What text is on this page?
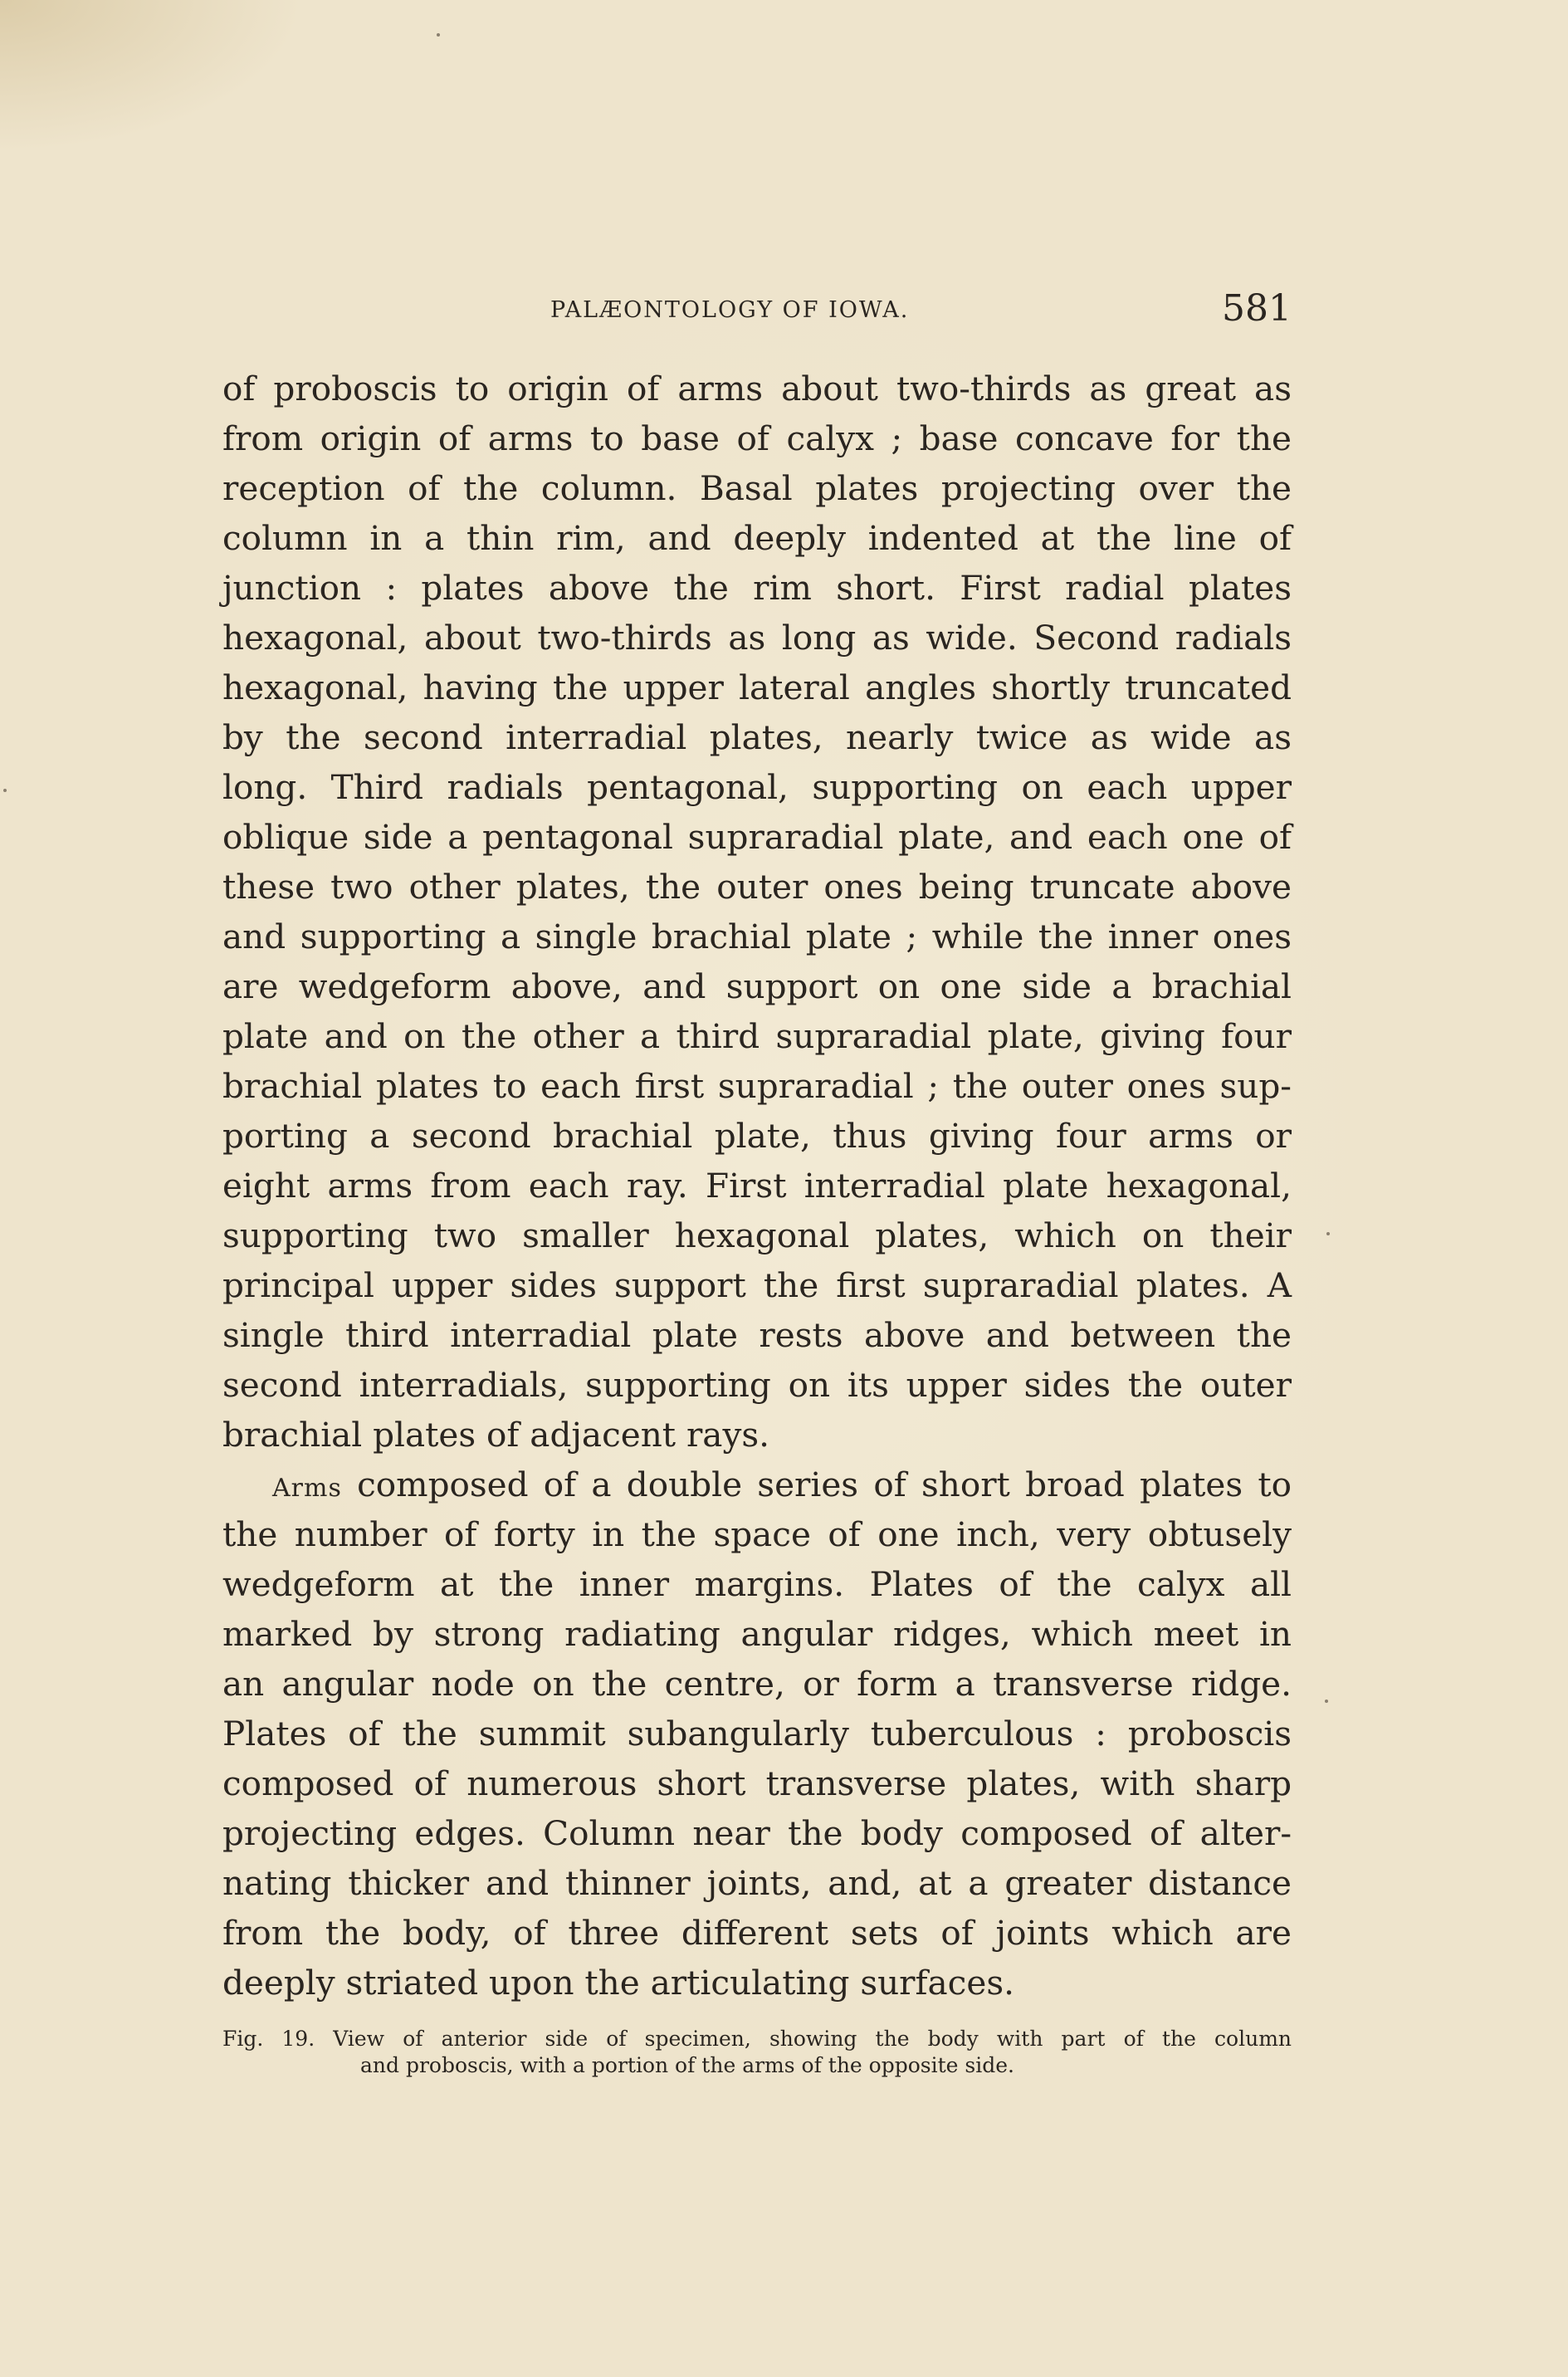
PALÆONTOLOGY OF IOWA.	581
of proboscis to origin of arms about two-thirds as great as
from origin of arms to base of calyx ; base concave for the
reception of the column. Basal plates projecting over the
column in a thin rim, and deeply indented at the line of
junction : plates above the rim short. First radial plates
hexagonal, about two-thirds as long as wide. Second radials
hexagonal, having the upper lateral angles shortly truncated
by the second interradial plates, nearly twice as wide as
long. Third radials pentagonal, supporting on each upper
oblique side a pentagonal supraradial plate, and each one of
these two other plates, the outer ones being truncate above
and supporting a single brachial plate ; while the inner ones
are wedgeform above, and support on one side a brachial
plate and on the other a third supraradial plate, giving four
brachial plates to each first supraradial ; the outer ones sup-
porting a second brachial plate, thus giving four arms or
eight arms from each ray. First interradial plate hexagonal,
supporting two smaller hexagonal plates, which on their
principal upper sides support the first supraradial plates. A
single third interradial plate rests above and between the
second interradials, supporting on its upper sides the outer
brachial plates of adjacent rays.
Arms composed of a double series of short broad plates to
the number of forty in the space of one inch, very obtusely
wedgeform at the inner margins. Plates of the calyx all
marked by strong radiating angular ridges, which meet in
an angular node on the centre, or form a transverse ridge.
Plates of the summit subangularly tuberculous : proboscis
composed of numerous short transverse plates, with sharp
projecting edges. Column near the body composed of alter-
nating thicker and thinner joints, and, at a greater distance
from the body, of three different sets of joints which are
deeply striated upon the articulating surfaces.
Fig. 19. View of anterior side of specimen, showing the body with part of the column
and proboscis, with a portion of the arms of the opposite side.
